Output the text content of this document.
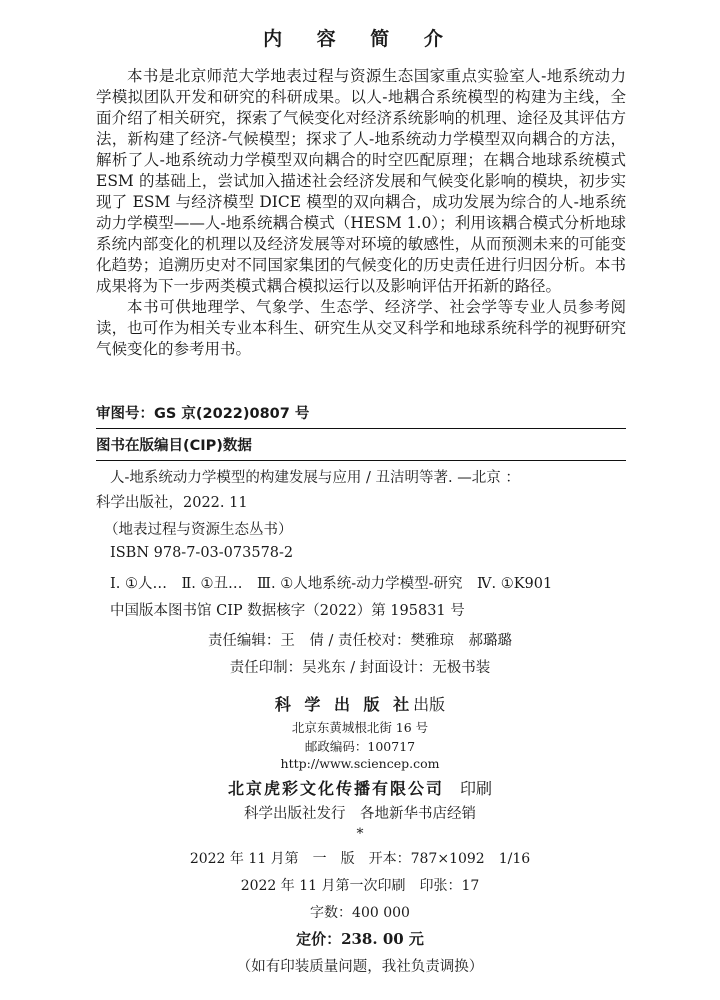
内 容 简 介

本书是北京师范大学地表过程与资源生态国家重点实验室人-地系统动力学模拟团队开发和研究的科研成果。以人-地耦合系统模型的构建为主线，全面介绍了相关研究，探索了气候变化对经济系统影响的机理、途径及其评估方法，新构建了经济-气候模型；探求了人-地系统动力学模型双向耦合的方法，解析了人-地系统动力学模型双向耦合的时空匹配原理；在耦合地球系统模式 ESM 的基础上，尝试加入描述社会经济发展和气候变化影响的模块，初步实现了 ESM 与经济模型 DICE 模型的双向耦合，成功发展为综合的人-地系统动力学模型——人-地系统耦合模式（HESM 1.0）；利用该耦合模式分析地球系统内部变化的机理以及经济发展等对环境的敏感性，从而预测未来的可能变化趋势；追溯历史对不同国家集团的气候变化的历史责任进行归因分析。本书成果将为下一步两类模式耦合模拟运行以及影响评估开拓新的路径。

本书可供地理学、气象学、生态学、经济学、社会学等专业人员参考阅读，也可作为相关专业本科生、研究生从交叉科学和地球系统科学的视野研究气候变化的参考用书。

审图号：GS 京(2022)0807 号
图书在版编目(CIP)数据
人-地系统动力学模型的构建发展与应用 / 丑洁明等著. —北京 ：
科学出版社，2022. 11
（地表过程与资源生态丛书）
ISBN 978-7-03-073578-2
Ⅰ. ①人…　Ⅱ. ①丑…　Ⅲ. ①人地系统-动力学模型-研究　Ⅳ. ①K901
中国版本图书馆 CIP 数据核字（2022）第 195831 号
责任编辑：王　倩 / 责任校对：樊雅琼　郝璐璐
责任印制：吴兆东 / 封面设计：无极书装
科 学 出 版 社出版
北京东黄城根北街 16 号
邮政编码：100717
http://www.sciencep.com
北京虎彩文化传播有限公司　 印刷
科学出版社发行　各地新华书店经销
*
2022 年 11 月第　一　版　开本：787×1092　1/16
2022 年 11 月第一次印刷　印张：17
字数：400 000
定价：238. 00 元
（如有印装质量问题，我社负责调换）
